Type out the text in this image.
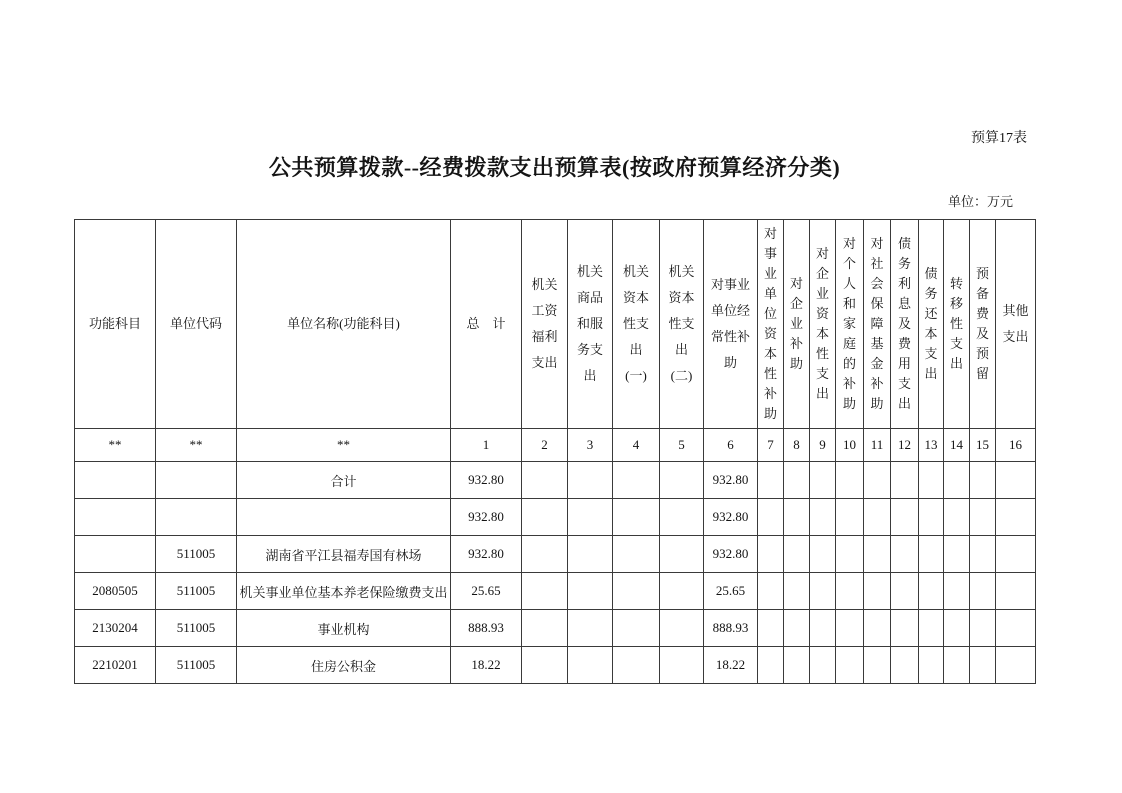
预算17表
公共预算拨款--经费拨款支出预算表(按政府预算经济分类)
单位：万元
功能科目	单位代码	单位名称(功能科目)	总　计	机关工资福利支出	机关商品和服务支出	机关资本性支出(一)	机关资本性支出(二)	对事业单位经常性补助	对事业单位资本性补助	对企业补助	对企业资本性支出	对个人和家庭的补助	对社会保障基金补助	债务利息及费用支出	债务还本支出	转移性支出	预备费及预留	其他支出

**	**	**	1	2	3	4	5	6	7	8	9	10	11	12	13	14	15	16
		合计	932.80					932.80										
			932.80					932.80										
	511005	湖南省平江县福寿国有林场	932.80					932.80										
2080505	511005	机关事业单位基本养老保险缴费支出	25.65					25.65										
2130204	511005	事业机构	888.93					888.93										
2210201	511005	住房公积金	18.22					18.22										
